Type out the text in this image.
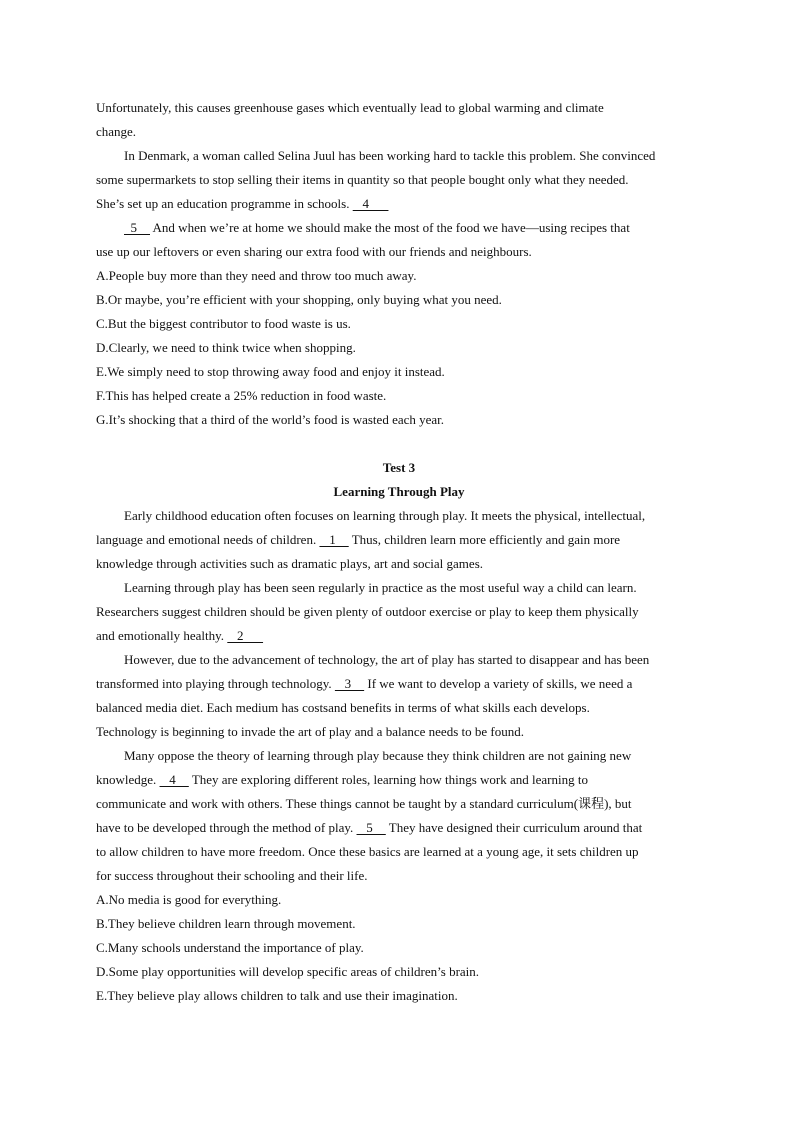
Unfortunately, this causes greenhouse gases which eventually lead to global warming and climate
change.
In Denmark, a woman called Selina Juul has been working hard to tackle this problem. She convinced
some supermarkets to stop selling their items in quantity so that people bought only what they needed.
She’s set up an education programme in schools.    4
5     And when we’re at home we should make the most of the food we have—using recipes that
use up our leftovers or even sharing our extra food with our friends and neighbours.
A.People buy more than they need and throw too much away.
B.Or maybe, you’re efficient with your shopping, only buying what you need.
C.But the biggest contributor to food waste is us.
D.Clearly, we need to think twice when shopping.
E.We simply need to stop throwing away food and enjoy it instead.
F.This has helped create a 25% reduction in food waste.
G.It’s shocking that a third of the world’s food is wasted each year.
Test 3
Learning Through Play
Early childhood education often focuses on learning through play. It meets the physical, intellectual,
language and emotional needs of children.    1     Thus, children learn more efficiently and gain more
knowledge through activities such as dramatic plays, art and social games.
Learning through play has been seen regularly in practice as the most useful way a child can learn.
Researchers suggest children should be given plenty of outdoor exercise or play to keep them physically
and emotionally healthy.    2
However, due to the advancement of technology, the art of play has started to disappear and has been
transformed into playing through technology.    3     If we want to develop a variety of skills, we need a
balanced media diet. Each medium has costsand benefits in terms of what skills each develops.
Technology is beginning to invade the art of play and a balance needs to be found.
Many oppose the theory of learning through play because they think children are not gaining new
knowledge.    4     They are exploring different roles, learning how things work and learning to
communicate and work with others. These things cannot be taught by a standard curriculum(课程), but
have to be developed through the method of play.    5     They have designed their curriculum around that
to allow children to have more freedom. Once these basics are learned at a young age, it sets children up
for success throughout their schooling and their life.
A.No media is good for everything.
B.They believe children learn through movement.
C.Many schools understand the importance of play.
D.Some play opportunities will develop specific areas of children’s brain.
E.They believe play allows children to talk and use their imagination.
